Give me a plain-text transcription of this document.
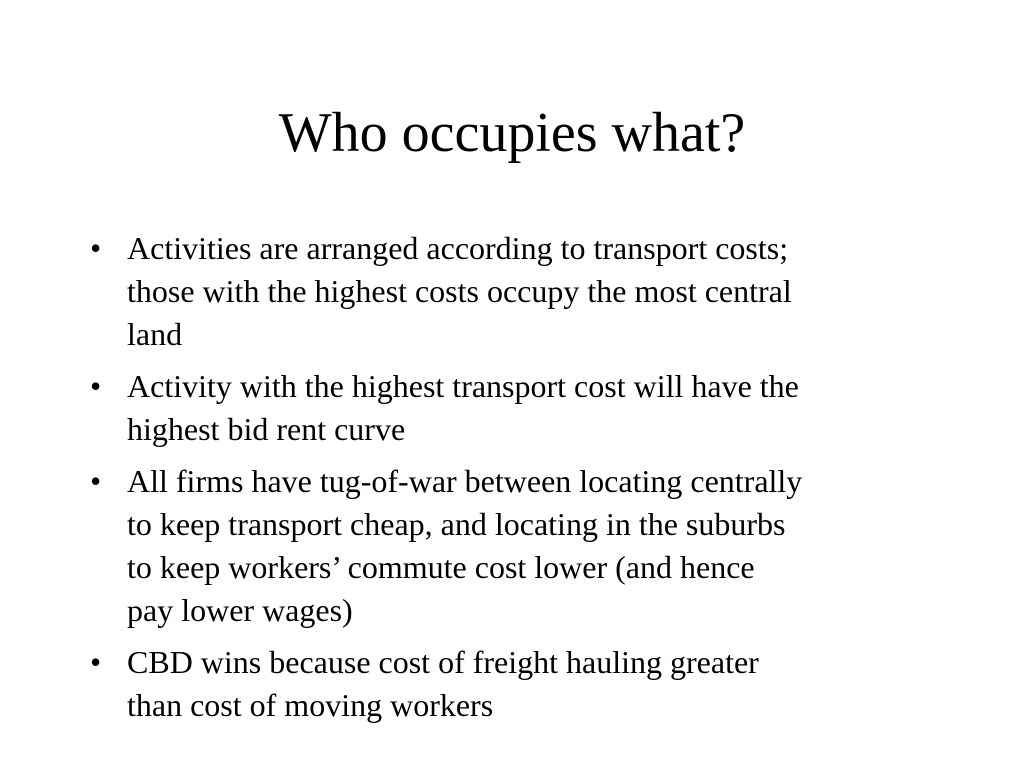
Who occupies what?
• Activities are arranged according to transport costs;
those with the highest costs occupy the most central
land
• Activity with the highest transport cost will have the
highest bid rent curve
• All firms have tug-of-war between locating centrally
to keep transport cheap, and locating in the suburbs
to keep workers’ commute cost lower (and hence
pay lower wages)
• CBD wins because cost of freight hauling greater
than cost of moving workers
